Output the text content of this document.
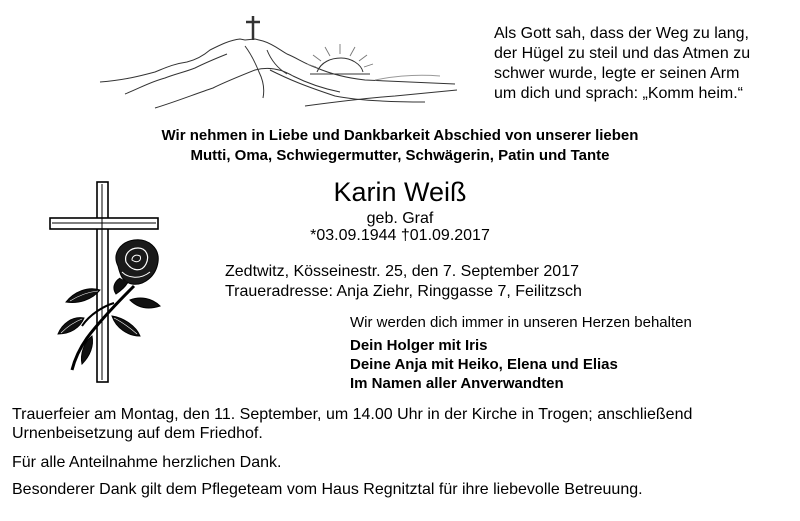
Als Gott sah, dass der Weg zu lang,
der Hügel zu steil und das Atmen zu
schwer wurde, legte er seinen Arm
um dich und sprach: „Komm heim.“
Wir nehmen in Liebe und Dankbarkeit Abschied von unserer lieben
Mutti, Oma, Schwiegermutter, Schwägerin, Patin und Tante
Karin Weiß
geb. Graf
*03.09.1944 †01.09.2017
Zedtwitz, Kösseinestr. 25, den 7. September 2017
Traueradresse: Anja Ziehr, Ringgasse 7, Feilitzsch
Wir werden dich immer in unseren Herzen behalten
Dein Holger mit Iris
Deine Anja mit Heiko, Elena und Elias
Im Namen aller Anverwandten
Trauerfeier am Montag, den 11. September, um 14.00 Uhr in der Kirche in Trogen; anschließend Urnenbeisetzung auf dem Friedhof.
Für alle Anteilnahme herzlichen Dank.
Besonderer Dank gilt dem Pflegeteam vom Haus Regnitztal für ihre liebevolle Betreuung.
